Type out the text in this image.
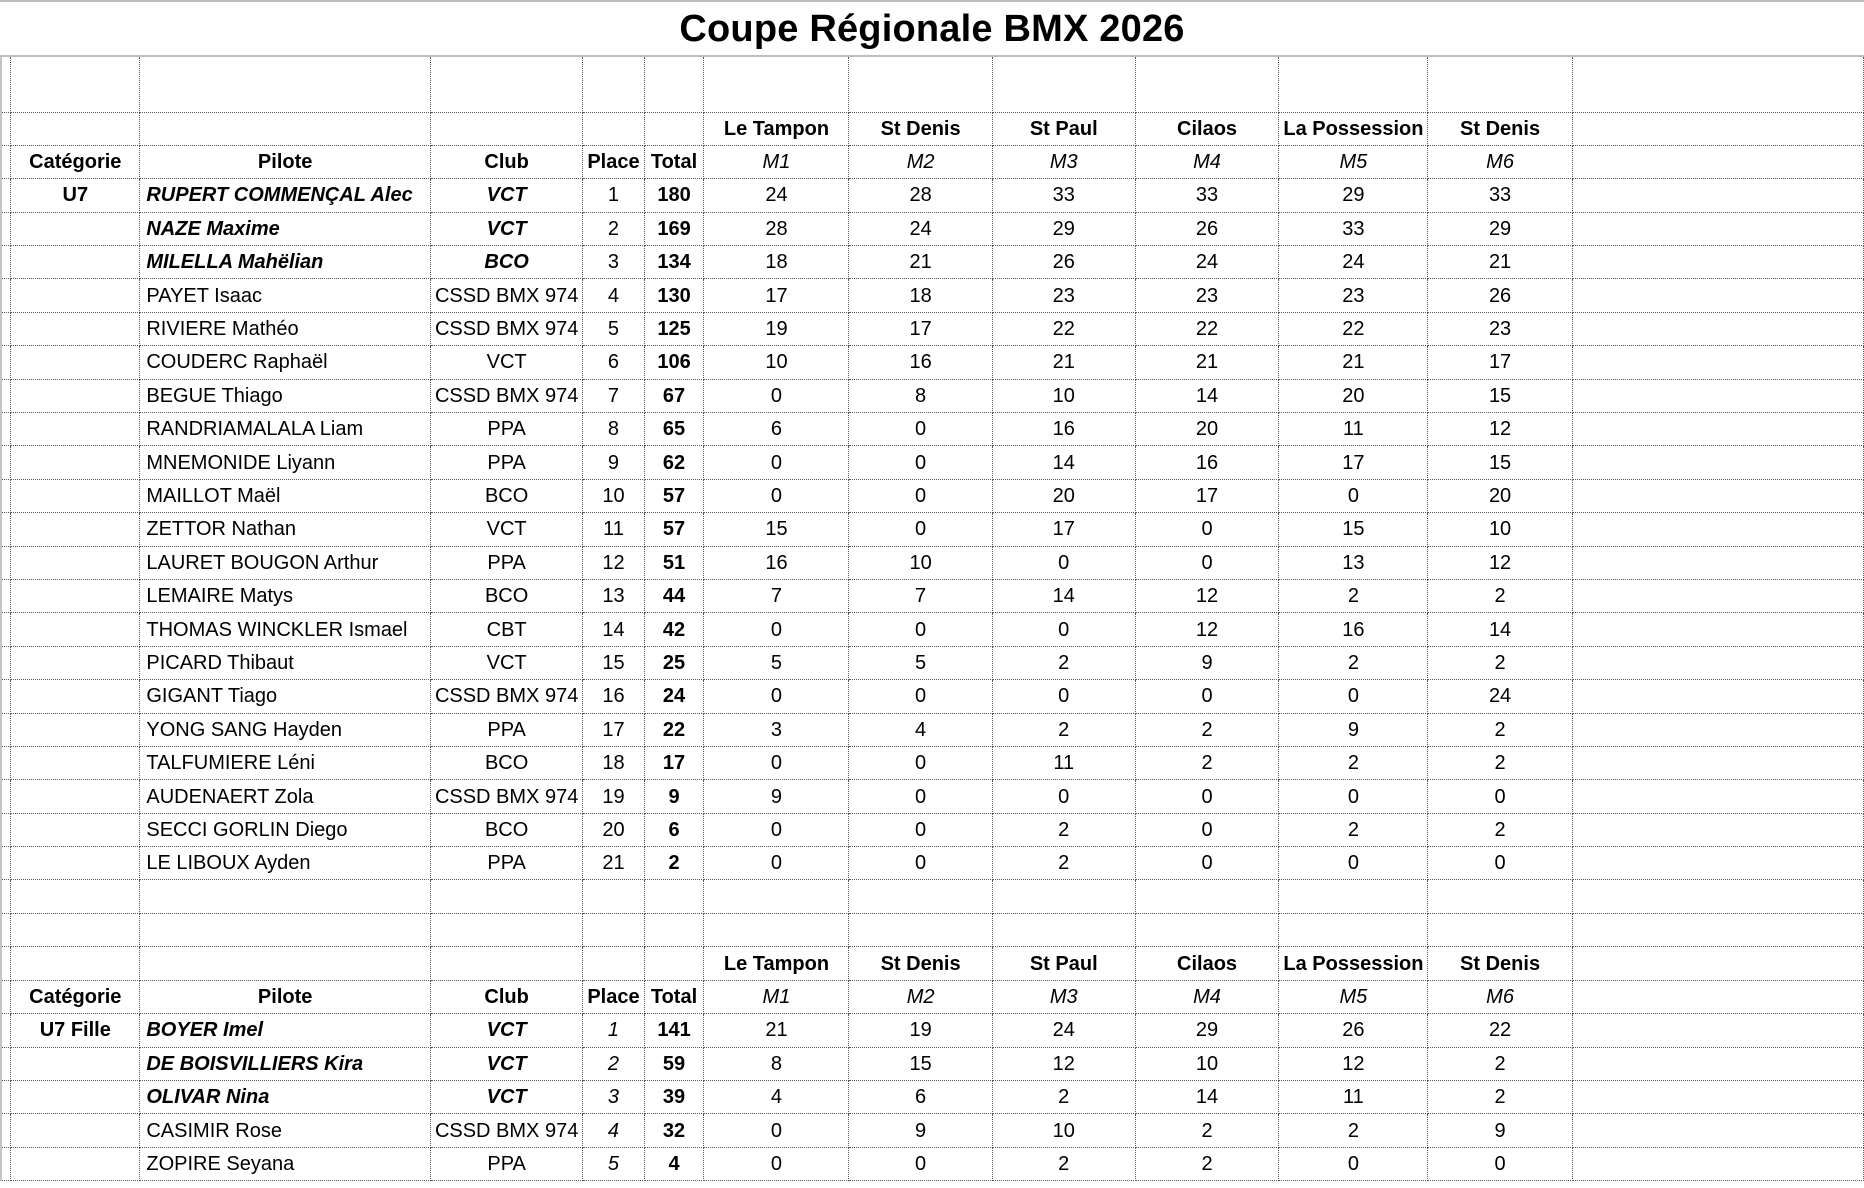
Coupe Régionale BMX 2026

						Le Tampon	St Denis	St Paul	Cilaos	La Possession	St Denis	
	Catégorie	Pilote	Club	Place	Total	M1	M2	M3	M4	M5	M6	
	U7	RUPERT COMMENÇAL Alec	VCT	1	180	24	28	33	33	29	33	
		NAZE Maxime	VCT	2	169	28	24	29	26	33	29	
		MILELLA Mahëlian	BCO	3	134	18	21	26	24	24	21	
		PAYET Isaac	CSSD BMX 974	4	130	17	18	23	23	23	26	
		RIVIERE Mathéo	CSSD BMX 974	5	125	19	17	22	22	22	23	
		COUDERC Raphaël	VCT	6	106	10	16	21	21	21	17	
		BEGUE Thiago	CSSD BMX 974	7	67	0	8	10	14	20	15	
		RANDRIAMALALA Liam	PPA	8	65	6	0	16	20	11	12	
		MNEMONIDE Liyann	PPA	9	62	0	0	14	16	17	15	
		MAILLOT Maël	BCO	10	57	0	0	20	17	0	20	
		ZETTOR Nathan	VCT	11	57	15	0	17	0	15	10	
		LAURET BOUGON Arthur	PPA	12	51	16	10	0	0	13	12	
		LEMAIRE Matys	BCO	13	44	7	7	14	12	2	2	
		THOMAS WINCKLER Ismael	CBT	14	42	0	0	0	12	16	14	
		PICARD Thibaut	VCT	15	25	5	5	2	9	2	2	
		GIGANT Tiago	CSSD BMX 974	16	24	0	0	0	0	0	24	
		YONG SANG Hayden	PPA	17	22	3	4	2	2	9	2	
		TALFUMIERE Léni	BCO	18	17	0	0	11	2	2	2	
		AUDENAERT Zola	CSSD BMX 974	19	9	9	0	0	0	0	0	
		SECCI GORLIN Diego	BCO	20	6	0	0	2	0	2	2	
		LE LIBOUX Ayden	PPA	21	2	0	0	2	0	0	0	

						Le Tampon	St Denis	St Paul	Cilaos	La Possession	St Denis	
	Catégorie	Pilote	Club	Place	Total	M1	M2	M3	M4	M5	M6	
	U7 Fille	BOYER Imel	VCT	1	141	21	19	24	29	26	22	
		DE BOISVILLIERS Kira	VCT	2	59	8	15	12	10	12	2	
		OLIVAR Nina	VCT	3	39	4	6	2	14	11	2	
		CASIMIR Rose	CSSD BMX 974	4	32	0	9	10	2	2	9	
		ZOPIRE Seyana	PPA	5	4	0	0	2	2	0	0	
